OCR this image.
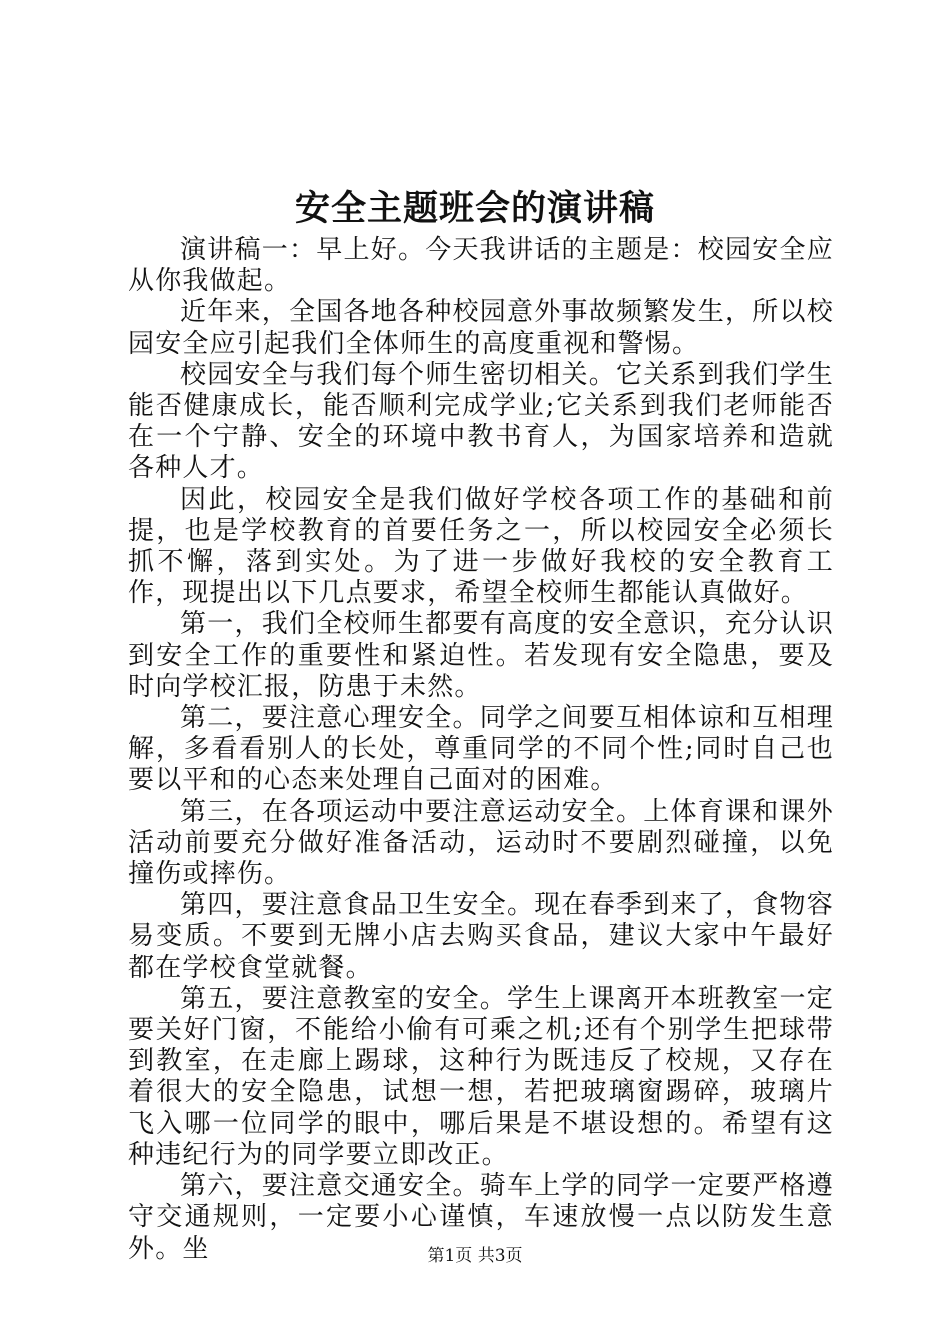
安全主题班会的演讲稿

演讲稿一：早上好。今天我讲话的主题是：校园安全应从你我做起。

近年来，全国各地各种校园意外事故频繁发生，所以校园安全应引起我们全体师生的高度重视和警惕。

校园安全与我们每个师生密切相关。它关系到我们学生能否健康成长，能否顺利完成学业;它关系到我们老师能否在一个宁静、安全的环境中教书育人，为国家培养和造就各种人才。

因此，校园安全是我们做好学校各项工作的基础和前提，也是学校教育的首要任务之一，所以校园安全必须长抓不懈，落到实处。为了进一步做好我校的安全教育工作，现提出以下几点要求，希望全校师生都能认真做好。

第一，我们全校师生都要有高度的安全意识，充分认识到安全工作的重要性和紧迫性。若发现有安全隐患，要及时向学校汇报，防患于未然。

第二，要注意心理安全。同学之间要互相体谅和互相理解，多看看别人的长处，尊重同学的不同个性;同时自己也要以平和的心态来处理自己面对的困难。

第三，在各项运动中要注意运动安全。上体育课和课外活动前要充分做好准备活动，运动时不要剧烈碰撞，以免撞伤或摔伤。

第四，要注意食品卫生安全。现在春季到来了，食物容易变质。不要到无牌小店去购买食品，建议大家中午最好都在学校食堂就餐。

第五，要注意教室的安全。学生上课离开本班教室一定要关好门窗，不能给小偷有可乘之机;还有个别学生把球带到教室，在走廊上踢球，这种行为既违反了校规，又存在着很大的安全隐患，试想一想，若把玻璃窗踢碎，玻璃片飞入哪一位同学的眼中，哪后果是不堪设想的。希望有这种违纪行为的同学要立即改正。

第六，要注意交通安全。骑车上学的同学一定要严格遵守交通规则，一定要小心谨慎，车速放慢一点以防发生意外。坐	第1页 共3页
